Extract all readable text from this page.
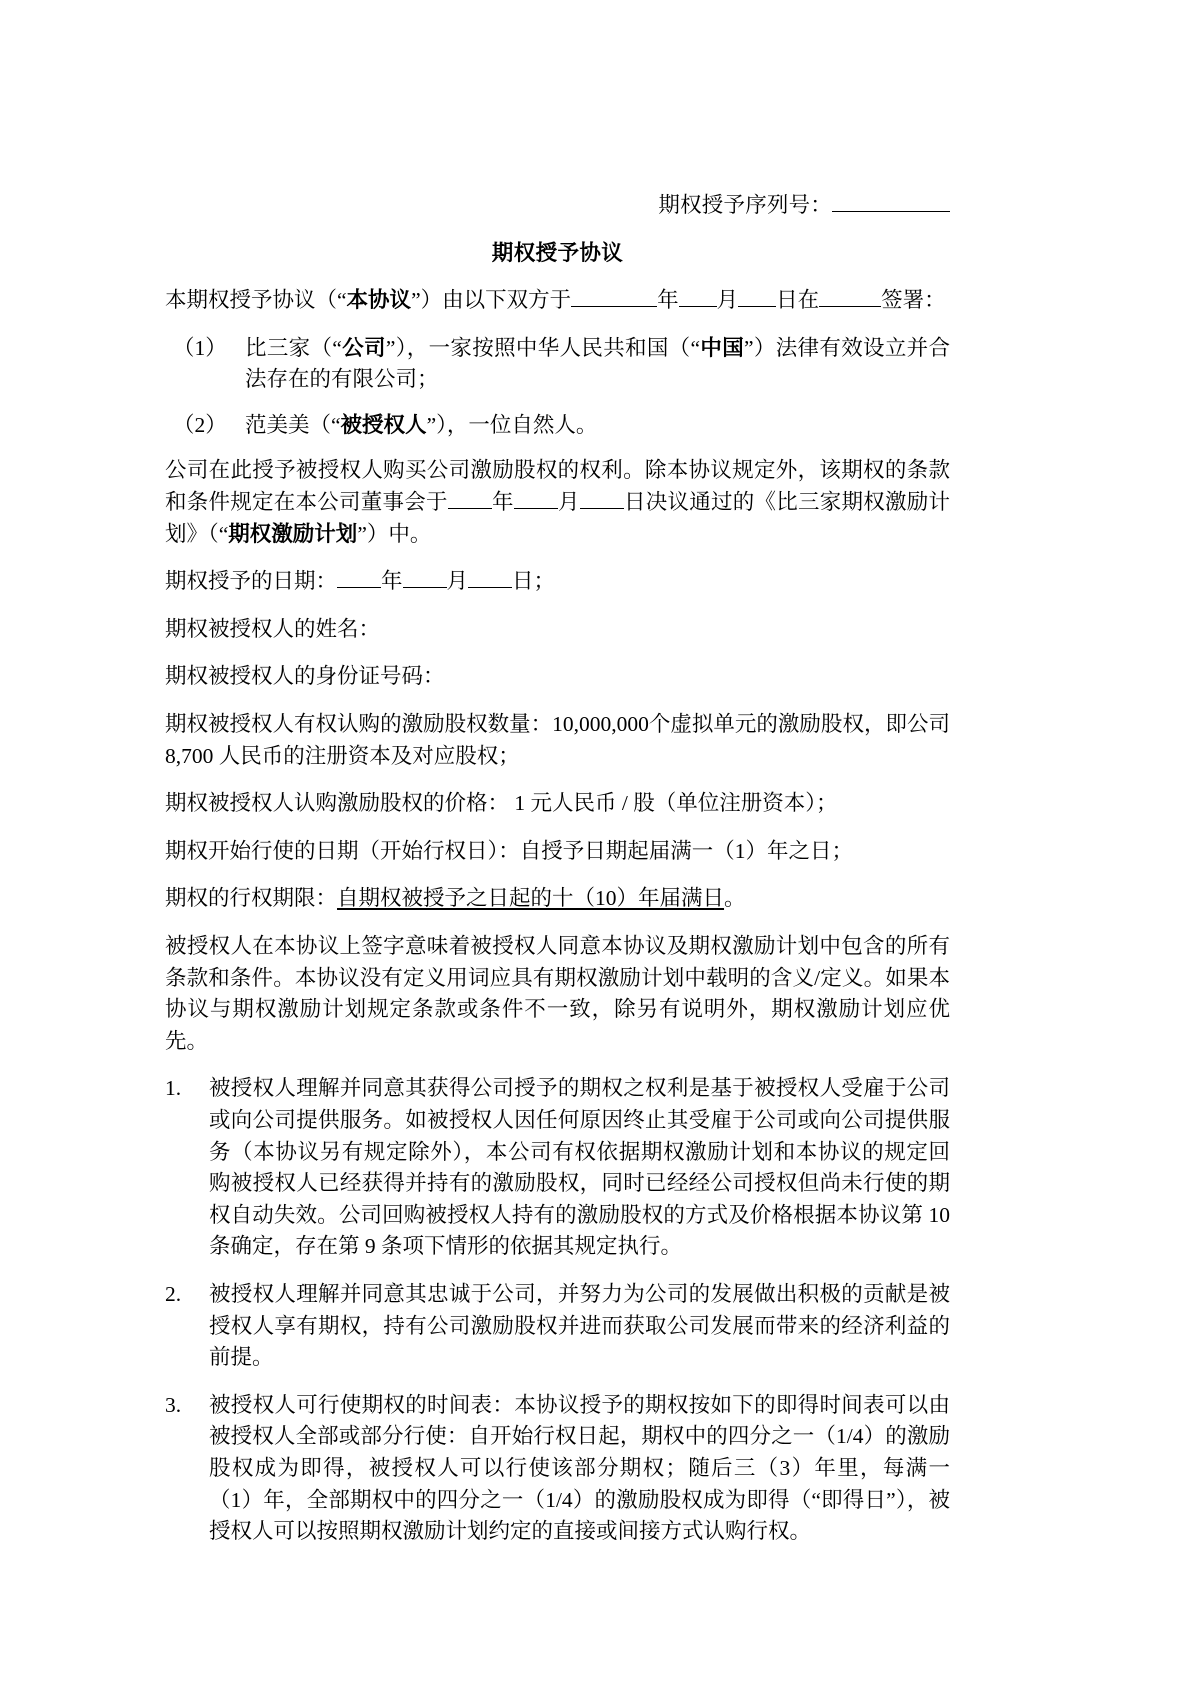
期权授予序列号：
期权授予协议

本期权授予协议（“本协议”）由以下双方于	年 月 日在	签署：

（1） 比三家（“公司”），一家按照中华人民共和国（“中国”）法律有效设立并合法存在的有限公司；
（2） 范美美（“被授权人”），一位自然人。

公司在此授予被授权人购买公司激励股权的权利。除本协议规定外，该期权的条款和条件规定在本公司董事会于 年 月 日决议通过的《比三家期权激励计划》（“期权激励计划”）中。

期权授予的日期： 年 月 日；

期权被授权人的姓名：

期权被授权人的身份证号码：

期权被授权人有权认购的激励股权数量：10,000,000个虚拟单元的激励股权，即公司 8,700 人民币的注册资本及对应股权；

期权被授权人认购激励股权的价格： 1 元人民币 / 股（单位注册资本）；

期权开始行使的日期（开始行权日）：自授予日期起届满一（1）年之日；

期权的行权期限：自期权被授予之日起的十（10）年届满日。

被授权人在本协议上签字意味着被授权人同意本协议及期权激励计划中包含的所有条款和条件。本协议没有定义用词应具有期权激励计划中载明的含义/定义。如果本协议与期权激励计划规定条款或条件不一致，除另有说明外，期权激励计划应优先。

1.	被授权人理解并同意其获得公司授予的期权之权利是基于被授权人受雇于公司或向公司提供服务。如被授权人因任何原因终止其受雇于公司或向公司提供服务（本协议另有规定除外），本公司有权依据期权激励计划和本协议的规定回购被授权人已经获得并持有的激励股权，同时已经经公司授权但尚未行使的期权自动失效。公司回购被授权人持有的激励股权的方式及价格根据本协议第 10 条确定，存在第 9 条项下情形的依据其规定执行。
2.	被授权人理解并同意其忠诚于公司，并努力为公司的发展做出积极的贡献是被授权人享有期权，持有公司激励股权并进而获取公司发展而带来的经济利益的前提。
3.	被授权人可行使期权的时间表：本协议授予的期权按如下的即得时间表可以由被授权人全部或部分行使：自开始行权日起，期权中的四分之一（1/4）的激励股权成为即得，被授权人可以行使该部分期权；随后三（3）年里，每满一（1）年，全部期权中的四分之一（1/4）的激励股权成为即得（“即得日”），被授权人可以按照期权激励计划约定的直接或间接方式认购行权。
